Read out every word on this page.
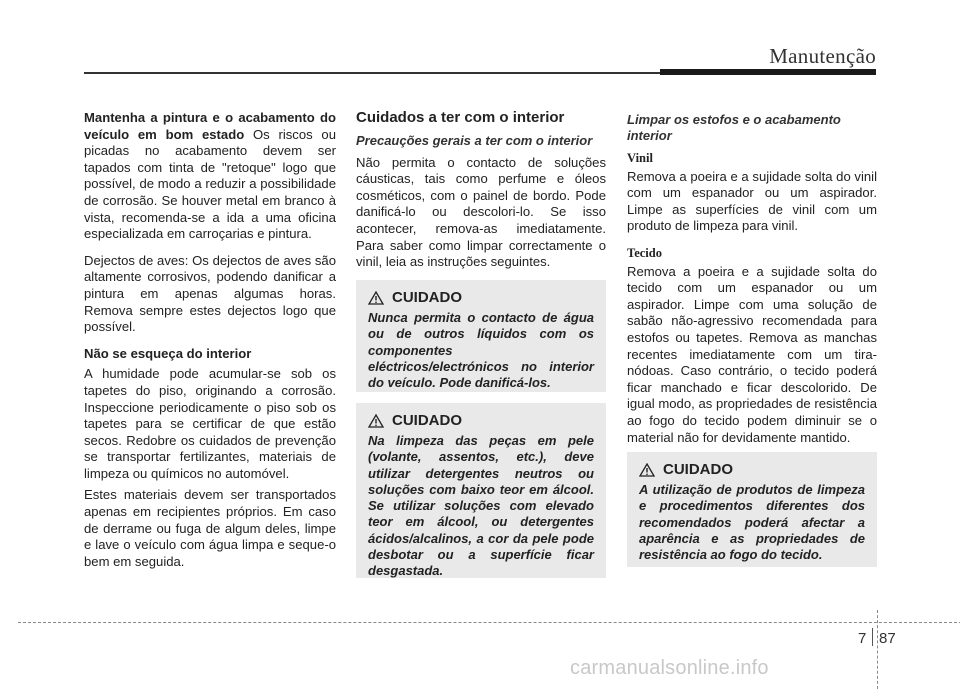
Manutenção

Mantenha a pintura e o acabamento do veículo em bom estado Os riscos ou picadas no acabamento devem ser tapados com tinta de "retoque" logo que possível, de modo a reduzir a possibilidade de corrosão. Se houver metal em branco à vista, recomenda-se a ida a uma oficina especializada em carroçarias e pintura.

Dejectos de aves: Os dejectos de aves são altamente corrosivos, podendo danificar a pintura em apenas algumas horas. Remova sempre estes dejectos logo que possível.

Não se esqueça do interior

A humidade pode acumular-se sob os tapetes do piso, originando a corrosão. Inspeccione periodicamente o piso sob os tapetes para se certificar de que estão secos. Redobre os cuidados de prevenção se transportar fertilizantes, materiais de limpeza ou químicos no automóvel.

Estes materiais devem ser transportados apenas em recipientes próprios. Em caso de derrame ou fuga de algum deles, limpe e lave o veículo com água limpa e seque-o bem em seguida.

Cuidados a ter com o interior

Precauções gerais a ter com o interior

Não permita o contacto de soluções cáusticas, tais como perfume e óleos cosméticos, com o painel de bordo. Pode danificá-lo ou descolori-lo. Se isso acontecer, remova-as imediatamente. Para saber como limpar correctamente o vinil, leia as instruções seguintes.

CUIDADO
Nunca permita o contacto de água ou de outros líquidos com os componentes eléctricos/electrónicos no interior do veículo. Pode danificá-los.
CUIDADO
Na limpeza das peças em pele (volante, assentos, etc.), deve utilizar detergentes neutros ou soluções com baixo teor em álcool. Se utilizar soluções com elevado teor em álcool, ou detergentes ácidos/alcalinos, a cor da pele pode desbotar ou a superfície ficar desgastada.

Limpar os estofos e o acabamento interior

Vinil

Remova a poeira e a sujidade solta do vinil com um espanador ou um aspirador. Limpe as superfícies de vinil com um produto de limpeza para vinil.

Tecido

Remova a poeira e a sujidade solta do tecido com um espanador ou um aspirador. Limpe com uma solução de sabão não-agressivo recomendada para estofos ou tapetes. Remova as manchas recentes imediatamente com um tira-nódoas. Caso contrário, o tecido poderá ficar manchado e ficar descolorido. De igual modo, as propriedades de resistência ao fogo do tecido podem diminuir se o material não for devidamente mantido.

CUIDADO
A utilização de produtos de limpeza e procedimentos diferentes dos recomendados poderá afectar a aparência e as propriedades de resistência ao fogo do tecido.
7 87
carmanualsonline.info
